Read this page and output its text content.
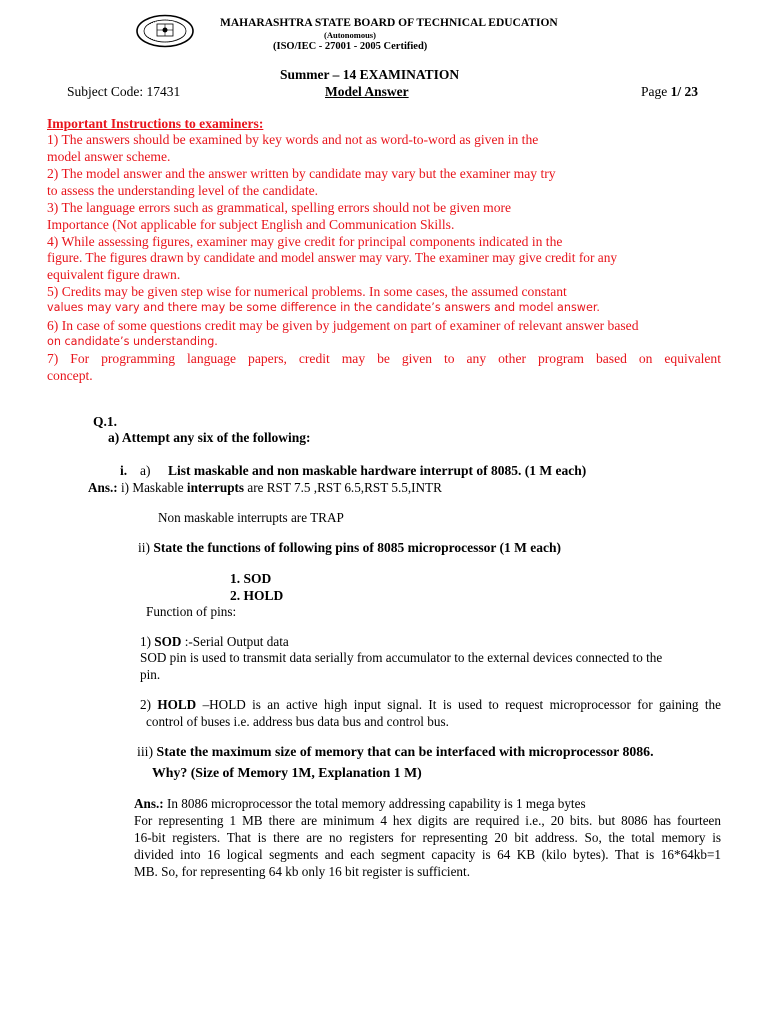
MAHARASHTRA STATE BOARD OF TECHNICAL EDUCATION
(Autonomous)
(ISO/IEC - 27001 - 2005 Certified)
Summer – 14 EXAMINATION
Subject Code: 17431	Model Answer	Page 1/ 23
Important Instructions to examiners:
1) The answers should be examined by key words and not as word-to-word as given in the
model answer scheme.
2) The model answer and the answer written by candidate may vary but the examiner may try
to assess the understanding level of the candidate.
3) The language errors such as grammatical, spelling errors should not be given more
Importance (Not applicable for subject English and Communication Skills.
4) While assessing figures, examiner may give credit for principal components indicated in the
figure. The figures drawn by candidate and model answer may vary. The examiner may give credit for any
equivalent figure drawn.
5) Credits may be given step wise for numerical problems. In some cases, the assumed constant
values may vary and there may be some difference in the candidate’s answers and model answer.
6) In case of some questions credit may be given by judgement on part of examiner of relevant answer based
on candidate’s understanding.
7) For programming language papers, credit may be given to any other program based on equivalent
concept.
Q.1.
a) Attempt any six of the following:
i. a) List maskable and non maskable hardware interrupt of 8085. (1 M each)
Ans.: i) Maskable interrupts are RST 7.5 ,RST 6.5,RST 5.5,INTR
Non maskable interrupts are TRAP
ii) State the functions of following pins of 8085 microprocessor (1 M each)
1. SOD
2. HOLD
Function of pins:
1) SOD :-Serial Output data
SOD pin is used to transmit data serially from accumulator to the external devices connected to the
pin.
2) HOLD –HOLD is an active high input signal. It is used to request microprocessor for gaining the
control of buses i.e. address bus data bus and control bus.
iii) State the maximum size of memory that can be interfaced with microprocessor 8086.
Why? (Size of Memory 1M, Explanation 1 M)
Ans.: In 8086 microprocessor the total memory addressing capability is 1 mega bytes
For representing 1 MB there are minimum 4 hex digits are required i.e., 20 bits. but 8086 has fourteen
16-bit registers. That is there are no registers for representing 20 bit address. So, the total memory is
divided into 16 logical segments and each segment capacity is 64 KB (kilo bytes). That is 16*64kb=1
MB. So, for representing 64 kb only 16 bit register is sufficient.
